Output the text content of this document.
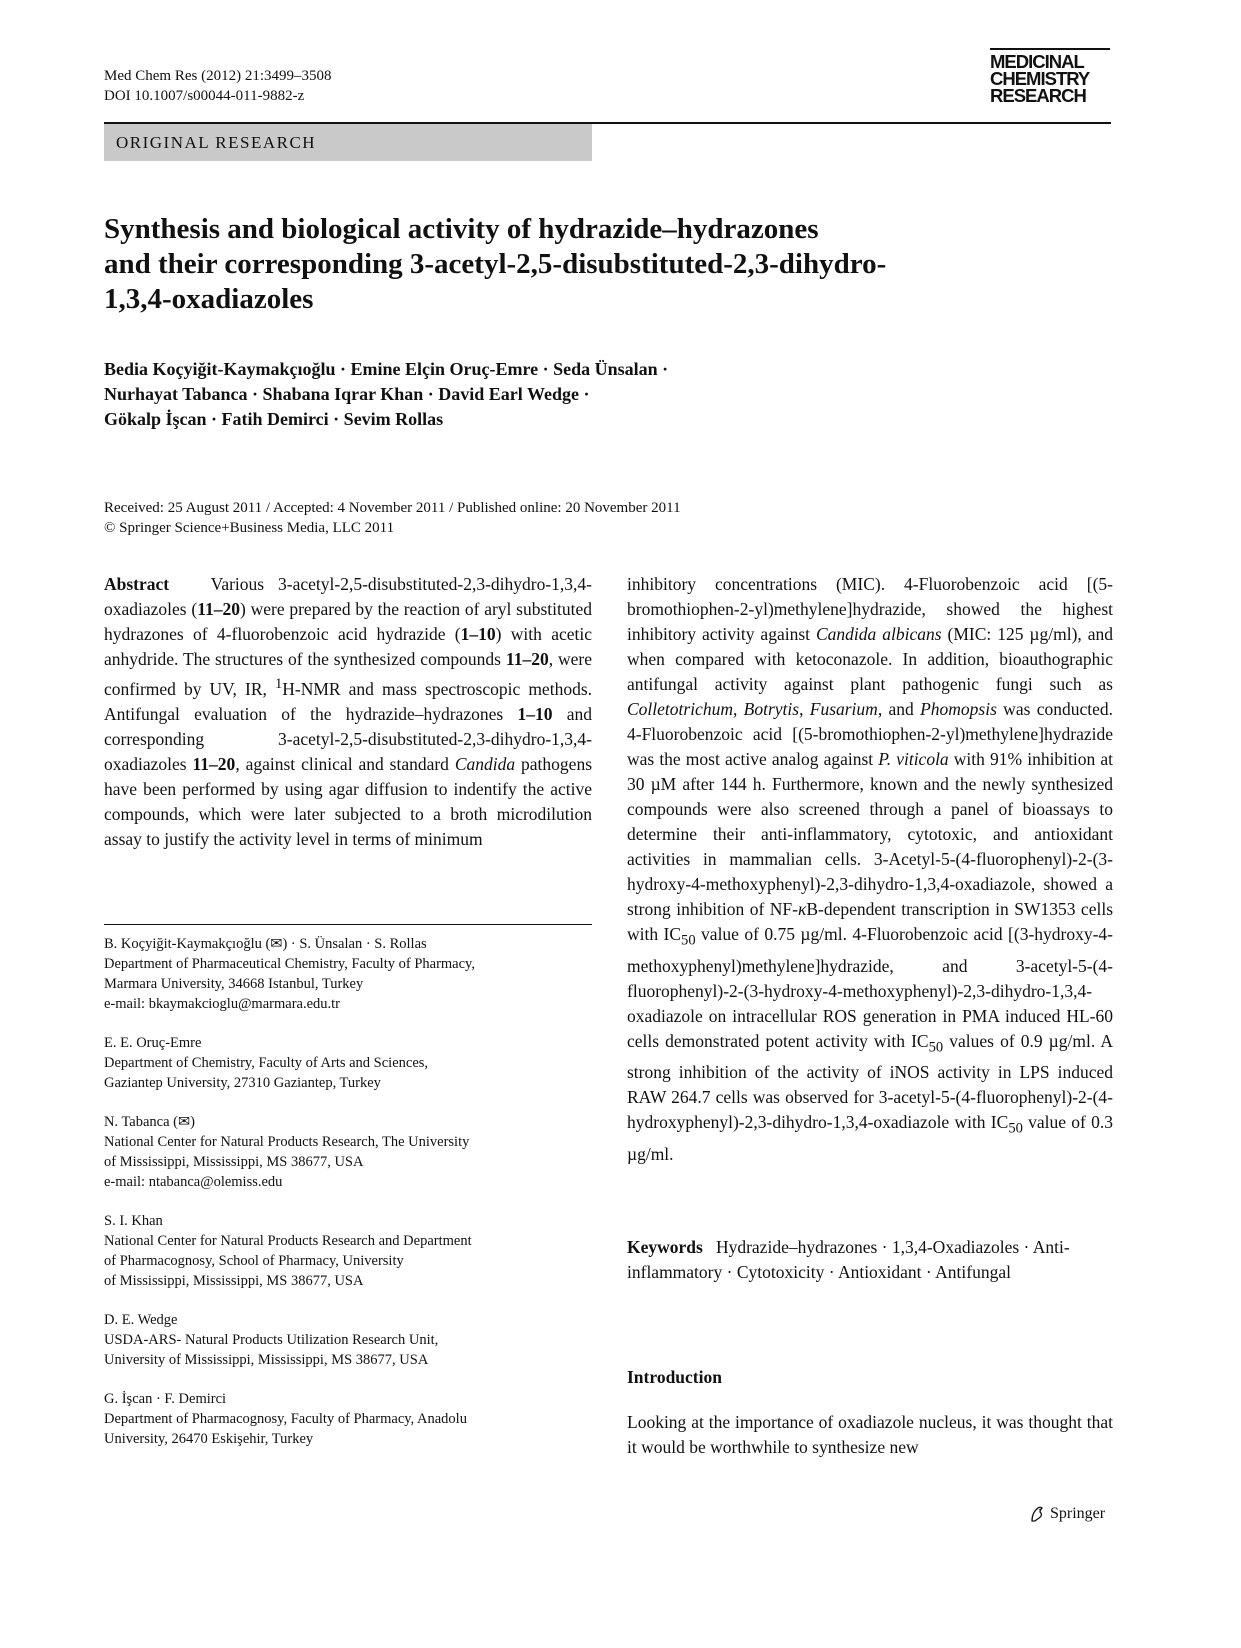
Med Chem Res (2012) 21:3499–3508
DOI 10.1007/s00044-011-9882-z
MEDICINAL
CHEMISTRY
RESEARCH
ORIGINAL RESEARCH
Synthesis and biological activity of hydrazide–hydrazones
and their corresponding 3-acetyl-2,5-disubstituted-2,3-dihydro-
1,3,4-oxadiazoles
Bedia Koçyiğit-Kaymakçıoğlu · Emine Elçin Oruç-Emre · Seda Ünsalan ·
Nurhayat Tabanca · Shabana Iqrar Khan · David Earl Wedge ·
Gökalp İşcan · Fatih Demirci · Sevim Rollas
Received: 25 August 2011 / Accepted: 4 November 2011 / Published online: 20 November 2011
© Springer Science+Business Media, LLC 2011
Abstract Various 3-acetyl-2,5-disubstituted-2,3-dihydro-1,3,4-oxadiazoles (11–20) were prepared by the reaction of aryl substituted hydrazones of 4-fluorobenzoic acid hydrazide (1–10) with acetic anhydride. The structures of the synthesized compounds 11–20, were confirmed by UV, IR, $^1$H-NMR and mass spectroscopic methods. Antifungal evaluation of the hydrazide–hydrazones 1–10 and corresponding 3-acetyl-2,5-disubstituted-2,3-dihydro-1,3,4-oxadiazoles 11–20, against clinical and standard Candida pathogens have been performed by using agar diffusion to indentify the active compounds, which were later subjected to a broth microdilution assay to justify the activity level in terms of minimum
B. Koçyiğit-Kaymakçıoğlu (✉) · S. Ünsalan · S. Rollas
Department of Pharmaceutical Chemistry, Faculty of Pharmacy,
Marmara University, 34668 Istanbul, Turkey
e-mail: bkaymakcioglu@marmara.edu.tr
E. E. Oruç-Emre
Department of Chemistry, Faculty of Arts and Sciences,
Gaziantep University, 27310 Gaziantep, Turkey
N. Tabanca (✉)
National Center for Natural Products Research, The University
of Mississippi, Mississippi, MS 38677, USA
e-mail: ntabanca@olemiss.edu
S. I. Khan
National Center for Natural Products Research and Department
of Pharmacognosy, School of Pharmacy, University
of Mississippi, Mississippi, MS 38677, USA
D. E. Wedge
USDA-ARS- Natural Products Utilization Research Unit,
University of Mississippi, Mississippi, MS 38677, USA
G. İşcan · F. Demirci
Department of Pharmacognosy, Faculty of Pharmacy, Anadolu
University, 26470 Eskişehir, Turkey
inhibitory concentrations (MIC). 4-Fluorobenzoic acid [(5-bromothiophen-2-yl)methylene]hydrazide, showed the highest inhibitory activity against Candida albicans (MIC: 125 µg/ml), and when compared with ketoconazole. In addition, bioauthographic antifungal activity against plant pathogenic fungi such as Colletotrichum, Botrytis, Fusarium, and Phomopsis was conducted. 4-Fluorobenzoic acid [(5-bromothiophen-2-yl)methylene]hydrazide was the most active analog against P. viticola with 91% inhibition at 30 µM after 144 h. Furthermore, known and the newly synthesized compounds were also screened through a panel of bioassays to determine their anti-inflammatory, cytotoxic, and antioxidant activities in mammalian cells. 3-Acetyl-5-(4-fluorophenyl)-2-(3-hydroxy-4-methoxyphenyl)-2,3-dihydro-1,3,4-oxadiazole, showed a strong inhibition of NF-κB-dependent transcription in SW1353 cells with $IC_{50}$ value of 0.75 µg/ml. 4-Fluorobenzoic acid [(3-hydroxy-4-methoxyphenyl)methylene]hydrazide, and 3-acetyl-5-(4-fluorophenyl)-2-(3-hydroxy-4-methoxyphenyl)-2,3-dihydro-1,3,4-oxadiazole on intracellular ROS generation in PMA induced HL-60 cells demonstrated potent activity with $IC_{50}$ values of 0.9 µg/ml. A strong inhibition of the activity of iNOS activity in LPS induced RAW 264.7 cells was observed for 3-acetyl-5-(4-fluorophenyl)-2-(4-hydroxyphenyl)-2,3-dihydro-1,3,4-oxadiazole with $IC_{50}$ value of 0.3 µg/ml.
Keywords Hydrazide–hydrazones · 1,3,4-Oxadiazoles · Anti-inflammatory · Cytotoxicity · Antioxidant · Antifungal
Introduction
Looking at the importance of oxadiazole nucleus, it was thought that it would be worthwhile to synthesize new
Springer
